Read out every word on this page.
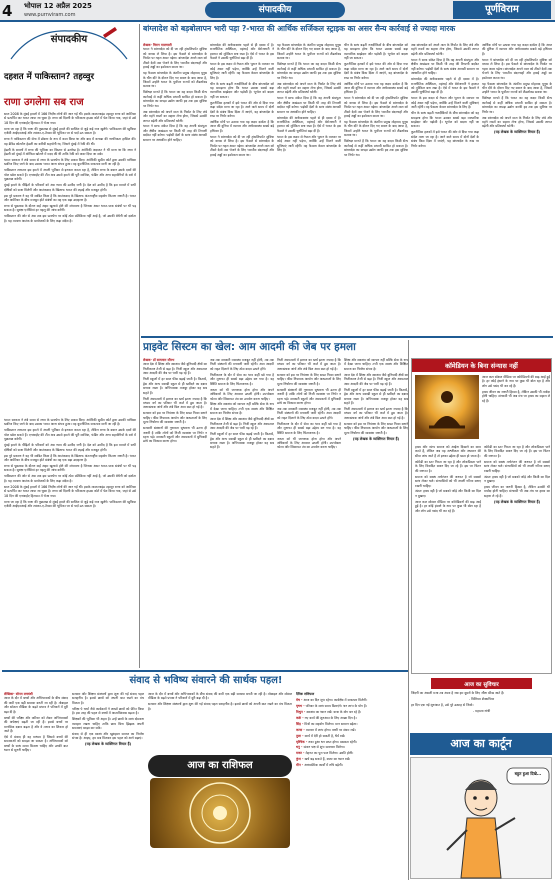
4 भोपाल 12 अप्रैल 2025
www.purnviram.com	संपादकीय	पूर्णविराम
संपादकीय
दहशत में पाकिस्तान? तहव्वुर
राणा उगलेगा सब राज

साल 2008 के मुंबई हमलों में 166 निर्दोष लोगों की जान गई थी। इसके मास्टरमाइंड तहव्वुर राणा को अमेरिका से प्रत्यर्पित कर भारत लाया जा चुका है। राणा को दिल्ली के पटियाला हाउस कोर्ट में पेश किया गया, जहां से उसे 18 दिन की एनआईए हिरासत में भेजा गया।

माना जा रहा है कि राणा की पूछताछ से मुंबई हमले की साजिश से जुड़े कई राज खुलेंगे। पाकिस्तान की खुफिया एजेंसी आईएसआई और लश्कर-ए-तैयबा की भूमिका पर से पर्दा उठ सकता है।

राणा ने पाकिस्तान की सेना में डॉक्टर के रूप में काम किया था और बाद में कनाडा की नागरिकता हासिल की। वह डेविड कोलमैन हेडली का करीबी सहयोगी था, जिसने मुंबई में रेकी की थी।

हेडली के बयानों में राणा की भूमिका का विस्तार से उल्लेख है। अमेरिकी अदालत ने भी माना था कि राणा ने हेडली को मुंबई में ऑफिस खोलने में मदद की थी ताकि रेकी को कवर दिया जा सके।

भारत सरकार ने लंबे समय से राणा के प्रत्यर्पण के लिए प्रयास किए। अमेरिकी सुप्रीम कोर्ट द्वारा उसकी याचिका खारिज किए जाने के बाद उसका भारत आना संभव हुआ। यह कूटनीतिक सफलता मानी जा रही है।

पाकिस्तान लगातार इस हमले में अपनी भूमिका से इनकार करता रहा है, लेकिन राणा के बयान उसके दावों की पोल खोल सकते हैं। एनआईए की टीम अब उससे हमले की पूरी साजिश, फंडिंग और अन्य सहयोगियों के बारे में पूछताछ करेगी।

मुंबई हमले के पीड़ितों के परिवारों को अब न्याय की उम्मीद जगी है। देश को उम्मीद है कि इस मामले में सभी दोषियों को सजा मिलेगी और आतंकवाद के खिलाफ भारत की लड़ाई और मजबूत होगी।

इस पूरे प्रकरण ने यह भी साबित किया है कि आतंकवाद के खिलाफ अंतरराष्ट्रीय सहयोग कितना जरूरी है। भारत और अमेरिका के बीच मजबूत होते संबंधों का यह एक बड़ा उदाहरण है।

राणा से पूछताछ के दौरान कई अहम खुलासे होने की संभावना है जिनका असर भारत-पाक संबंधों पर भी पड़ सकता है। सुरक्षा एजेंसियां हर पहलू की जांच करेंगी।

पाकिस्तान की ओर से अब तक इस प्रत्यर्पण पर कोई ठोस प्रतिक्रिया नहीं आई है, जो उसकी बेचैनी को दर्शाता है। यह मामला आतंक के प्रायोजकों के लिए कड़ा संदेश है।

भारत सरकार ने लंबे समय से राणा के प्रत्यर्पण के लिए प्रयास किए। अमेरिकी सुप्रीम कोर्ट द्वारा उसकी याचिका खारिज किए जाने के बाद उसका भारत आना संभव हुआ। यह कूटनीतिक सफलता मानी जा रही है।

पाकिस्तान लगातार इस हमले में अपनी भूमिका से इनकार करता रहा है, लेकिन राणा के बयान उसके दावों की पोल खोल सकते हैं। एनआईए की टीम अब उससे हमले की पूरी साजिश, फंडिंग और अन्य सहयोगियों के बारे में पूछताछ करेगी।

मुंबई हमले के पीड़ितों के परिवारों को अब न्याय की उम्मीद जगी है। देश को उम्मीद है कि इस मामले में सभी दोषियों को सजा मिलेगी और आतंकवाद के खिलाफ भारत की लड़ाई और मजबूत होगी।

इस पूरे प्रकरण ने यह भी साबित किया है कि आतंकवाद के खिलाफ अंतरराष्ट्रीय सहयोग कितना जरूरी है। भारत और अमेरिका के बीच मजबूत होते संबंधों का यह एक बड़ा उदाहरण है।

राणा से पूछताछ के दौरान कई अहम खुलासे होने की संभावना है जिनका असर भारत-पाक संबंधों पर भी पड़ सकता है। सुरक्षा एजेंसियां हर पहलू की जांच करेंगी।

पाकिस्तान की ओर से अब तक इस प्रत्यर्पण पर कोई ठोस प्रतिक्रिया नहीं आई है, जो उसकी बेचैनी को दर्शाता है। यह मामला आतंक के प्रायोजकों के लिए कड़ा संदेश है।

साल 2008 के मुंबई हमलों में 166 निर्दोष लोगों की जान गई थी। इसके मास्टरमाइंड तहव्वुर राणा को अमेरिका से प्रत्यर्पित कर भारत लाया जा चुका है। राणा को दिल्ली के पटियाला हाउस कोर्ट में पेश किया गया, जहां से उसे 18 दिन की एनआईए हिरासत में भेजा गया।

माना जा रहा है कि राणा की पूछताछ से मुंबई हमले की साजिश से जुड़े कई राज खुलेंगे। पाकिस्तान की खुफिया एजेंसी आईएसआई और लश्कर-ए-तैयबा की भूमिका पर से पर्दा उठ सकता है।

बांग्लादेश को बड़बोलापन भारी पड़ा ?-भारत की आर्थिक सर्जिकल स्ट्राइक का असर सैन्य कार्रवाई से ज्यादा मारक
लेखक- विराग मालवाली

भारत ने बांग्लादेश को दी जा रही ट्रांसशिपमेंट सुविधा को वापस ले लिया है। इस फैसले से बांग्लादेश के निर्यात पर गहरा असर पड़ेगा। बांग्लादेश अपने माल को तीसरे देशों तक भेजने के लिए भारतीय बंदरगाहों और हवाई अड्डों का इस्तेमाल करता था।

यह फैसला बांग्लादेश के अंतरिम प्रमुख मोहम्मद यूनुस के चीन दौरे के दौरान दिए गए बयान के बाद आया है, जिसमें उन्होंने भारत के पूर्वोत्तर राज्यों को लैंडलॉक्ड बताया था।

विशेषज्ञ मानते हैं कि भारत का यह कदम किसी सैन्य कार्रवाई से कहीं अधिक प्रभावी साबित हो सकता है। बांग्लादेश का कपड़ा उद्योग काफी हद तक इस सुविधा पर निर्भर था।

अब बांग्लादेश को अपने माल के निर्यात के लिए लंबे और महंगे रास्तों का सहारा लेना होगा, जिससे उसकी लागत बढ़ेगी और प्रतिस्पर्धा घटेगी।

भारत ने साफ संकेत दिया है कि वह अपनी संप्रभुता और क्षेत्रीय अखंडता पर किसी भी तरह की टिप्पणी बर्दाश्त नहीं करेगा। पड़ोसी देशों के साथ संबंध आपसी सम्मान पर आधारित होने चाहिए।

बांग्लादेश की अर्थव्यवस्था पहले से ही दबाव में है। राजनीतिक अस्थिरता, महंगाई और बेरोजगारी ने हालात को मुश्किल बना रखा है। ऐसे में भारत के इस फैसले ने उसकी चुनौतियां बढ़ा दी हैं।

भारत के इस कदम से नेपाल और भूटान के व्यापार पर कोई असर नहीं पड़ेगा, क्योंकि उन्हें मिलने वाली सुविधाएं जारी रहेंगी। यह फैसला केवल बांग्लादेश के लिए है।

चीन के साथ बढ़ती नजदीकियों के बीच बांग्लादेश को यह समझना होगा कि भारत उसका सबसे बड़ा व्यापारिक साझेदार और पड़ोसी है। भूगोल को बदला नहीं जा सकता।

कूटनीतिक हलकों में इसे भारत की ओर से दिया गया कड़ा संदेश माना जा रहा है। आने वाले समय में दोनों देशों के संबंध किस दिशा में जाएंगे, यह बांग्लादेश के रुख पर निर्भर करेगा।

आर्थिक मोर्चे पर उठाया गया यह कदम दर्शाता है कि आज की दुनिया में व्यापार और अर्थव्यवस्था सबसे बड़े हथियार हैं।

भारत ने बांग्लादेश को दी जा रही ट्रांसशिपमेंट सुविधा को वापस ले लिया है। इस फैसले से बांग्लादेश के निर्यात पर गहरा असर पड़ेगा। बांग्लादेश अपने माल को तीसरे देशों तक भेजने के लिए भारतीय बंदरगाहों और हवाई अड्डों का इस्तेमाल करता था।

यह फैसला बांग्लादेश के अंतरिम प्रमुख मोहम्मद यूनुस के चीन दौरे के दौरान दिए गए बयान के बाद आया है, जिसमें उन्होंने भारत के पूर्वोत्तर राज्यों को लैंडलॉक्ड बताया था।

विशेषज्ञ मानते हैं कि भारत का यह कदम किसी सैन्य कार्रवाई से कहीं अधिक प्रभावी साबित हो सकता है। बांग्लादेश का कपड़ा उद्योग काफी हद तक इस सुविधा पर निर्भर था।

अब बांग्लादेश को अपने माल के निर्यात के लिए लंबे और महंगे रास्तों का सहारा लेना होगा, जिससे उसकी लागत बढ़ेगी और प्रतिस्पर्धा घटेगी।

भारत ने साफ संकेत दिया है कि वह अपनी संप्रभुता और क्षेत्रीय अखंडता पर किसी भी तरह की टिप्पणी बर्दाश्त नहीं करेगा। पड़ोसी देशों के साथ संबंध आपसी सम्मान पर आधारित होने चाहिए।

बांग्लादेश की अर्थव्यवस्था पहले से ही दबाव में है। राजनीतिक अस्थिरता, महंगाई और बेरोजगारी ने हालात को मुश्किल बना रखा है। ऐसे में भारत के इस फैसले ने उसकी चुनौतियां बढ़ा दी हैं।

भारत के इस कदम से नेपाल और भूटान के व्यापार पर कोई असर नहीं पड़ेगा, क्योंकि उन्हें मिलने वाली सुविधाएं जारी रहेंगी। यह फैसला केवल बांग्लादेश के लिए है।

चीन के साथ बढ़ती नजदीकियों के बीच बांग्लादेश को यह समझना होगा कि भारत उसका सबसे बड़ा व्यापारिक साझेदार और पड़ोसी है। भूगोल को बदला नहीं जा सकता।

कूटनीतिक हलकों में इसे भारत की ओर से दिया गया कड़ा संदेश माना जा रहा है। आने वाले समय में दोनों देशों के संबंध किस दिशा में जाएंगे, यह बांग्लादेश के रुख पर निर्भर करेगा।

आर्थिक मोर्चे पर उठाया गया यह कदम दर्शाता है कि आज की दुनिया में व्यापार और अर्थव्यवस्था सबसे बड़े हथियार हैं।

भारत ने बांग्लादेश को दी जा रही ट्रांसशिपमेंट सुविधा को वापस ले लिया है। इस फैसले से बांग्लादेश के निर्यात पर गहरा असर पड़ेगा। बांग्लादेश अपने माल को तीसरे देशों तक भेजने के लिए भारतीय बंदरगाहों और हवाई अड्डों का इस्तेमाल करता था।

यह फैसला बांग्लादेश के अंतरिम प्रमुख मोहम्मद यूनुस के चीन दौरे के दौरान दिए गए बयान के बाद आया है, जिसमें उन्होंने भारत के पूर्वोत्तर राज्यों को लैंडलॉक्ड बताया था।

विशेषज्ञ मानते हैं कि भारत का यह कदम किसी सैन्य कार्रवाई से कहीं अधिक प्रभावी साबित हो सकता है। बांग्लादेश का कपड़ा उद्योग काफी हद तक इस सुविधा पर निर्भर था।

अब बांग्लादेश को अपने माल के निर्यात के लिए लंबे और महंगे रास्तों का सहारा लेना होगा, जिससे उसकी लागत बढ़ेगी और प्रतिस्पर्धा घटेगी।

भारत ने साफ संकेत दिया है कि वह अपनी संप्रभुता और क्षेत्रीय अखंडता पर किसी भी तरह की टिप्पणी बर्दाश्त नहीं करेगा। पड़ोसी देशों के साथ संबंध आपसी सम्मान पर आधारित होने चाहिए।

बांग्लादेश की अर्थव्यवस्था पहले से ही दबाव में है। राजनीतिक अस्थिरता, महंगाई और बेरोजगारी ने हालात को मुश्किल बना रखा है। ऐसे में भारत के इस फैसले ने उसकी चुनौतियां बढ़ा दी हैं।

भारत के इस कदम से नेपाल और भूटान के व्यापार पर कोई असर नहीं पड़ेगा, क्योंकि उन्हें मिलने वाली सुविधाएं जारी रहेंगी। यह फैसला केवल बांग्लादेश के लिए है।

चीन के साथ बढ़ती नजदीकियों के बीच बांग्लादेश को यह समझना होगा कि भारत उसका सबसे बड़ा व्यापारिक साझेदार और पड़ोसी है। भूगोल को बदला नहीं जा सकता।

कूटनीतिक हलकों में इसे भारत की ओर से दिया गया कड़ा संदेश माना जा रहा है। आने वाले समय में दोनों देशों के संबंध किस दिशा में जाएंगे, यह बांग्लादेश के रुख पर निर्भर करेगा।

आर्थिक मोर्चे पर उठाया गया यह कदम दर्शाता है कि आज की दुनिया में व्यापार और अर्थव्यवस्था सबसे बड़े हथियार हैं।

भारत ने बांग्लादेश को दी जा रही ट्रांसशिपमेंट सुविधा को वापस ले लिया है। इस फैसले से बांग्लादेश के निर्यात पर गहरा असर पड़ेगा। बांग्लादेश अपने माल को तीसरे देशों तक भेजने के लिए भारतीय बंदरगाहों और हवाई अड्डों का इस्तेमाल करता था।

यह फैसला बांग्लादेश के अंतरिम प्रमुख मोहम्मद यूनुस के चीन दौरे के दौरान दिए गए बयान के बाद आया है, जिसमें उन्होंने भारत के पूर्वोत्तर राज्यों को लैंडलॉक्ड बताया था।

विशेषज्ञ मानते हैं कि भारत का यह कदम किसी सैन्य कार्रवाई से कहीं अधिक प्रभावी साबित हो सकता है। बांग्लादेश का कपड़ा उद्योग काफी हद तक इस सुविधा पर निर्भर था।

अब बांग्लादेश को अपने माल के निर्यात के लिए लंबे और महंगे रास्तों का सहारा लेना होगा, जिससे उसकी लागत बढ़ेगी और प्रतिस्पर्धा घटेगी।

(यह लेखक के व्यक्तिगत विचार हैं)

प्राइवेट सिस्टम का खेल: आम आदमी की जेब पर हमला
लेखक- डॉ सत्यवान सौरभ

आज देश में शिक्षा और स्वास्थ्य जैसे बुनियादी क्षेत्रों का निजीकरण तेजी से बढ़ा है। निजी स्कूल और अस्पताल आम आदमी की जेब पर भारी पड़ रहे हैं।

निजी स्कूलों में हर साल फीस बढ़ाई जाती है। किताबें, ड्रेस और अन्य सामग्री स्कूल से ही खरीदने का दबाव बनाया जाता है। अभिभावक मजबूर होकर यह सब सहते हैं।

निजी अस्पतालों में इलाज का खर्च इतना ज्यादा है कि मध्यम वर्ग का परिवार भी कर्ज में डूब जाता है। अनावश्यक जांचें और लंबे बिल आम बात हो गई है।

सरकार को इस पर नियंत्रण के लिए सख्त नियम बनाने चाहिए। फीस नियामक आयोग और अस्पतालों के लिए मूल्य निर्धारण की व्यवस्था जरूरी है।

सरकारी संस्थानों की गुणवत्ता सुधारना भी उतना ही जरूरी है ताकि लोगों को निजी व्यवस्था पर निर्भर न रहना पड़े। सरकारी स्कूलों और अस्पतालों में बुनियादी ढांचे का विकास करना होगा।

जब तक सरकारी व्यवस्था मजबूत नहीं होगी, तब तक निजी संस्थानों की मनमानी जारी रहेगी। आम आदमी को राहत दिलाने के लिए ठोस कदम उठाने होंगे।

निजीकरण के दौर में सेवा का भाव कहीं खो गया है और मुनाफा ही सबसे बड़ा उद्देश्य बन गया है। यह स्थिति समाज के लिए चिंताजनक है।

जनता को भी जागरूक होना होगा और अपने अधिकारों के लिए आवाज उठानी होगी। उपभोक्ता फोरम और शिकायत तंत्र का उपयोग करना चाहिए।

शिक्षा और स्वास्थ्य को व्यापार नहीं बल्कि सेवा के रूप में देखा जाना चाहिए। तभी एक स्वस्थ और शिक्षित समाज का निर्माण संभव है।

आज देश में शिक्षा और स्वास्थ्य जैसे बुनियादी क्षेत्रों का निजीकरण तेजी से बढ़ा है। निजी स्कूल और अस्पताल आम आदमी की जेब पर भारी पड़ रहे हैं।

निजी स्कूलों में हर साल फीस बढ़ाई जाती है। किताबें, ड्रेस और अन्य सामग्री स्कूल से ही खरीदने का दबाव बनाया जाता है। अभिभावक मजबूर होकर यह सब सहते हैं।

निजी अस्पतालों में इलाज का खर्च इतना ज्यादा है कि मध्यम वर्ग का परिवार भी कर्ज में डूब जाता है। अनावश्यक जांचें और लंबे बिल आम बात हो गई है।

सरकार को इस पर नियंत्रण के लिए सख्त नियम बनाने चाहिए। फीस नियामक आयोग और अस्पतालों के लिए मूल्य निर्धारण की व्यवस्था जरूरी है।

सरकारी संस्थानों की गुणवत्ता सुधारना भी उतना ही जरूरी है ताकि लोगों को निजी व्यवस्था पर निर्भर न रहना पड़े। सरकारी स्कूलों और अस्पतालों में बुनियादी ढांचे का विकास करना होगा।

जब तक सरकारी व्यवस्था मजबूत नहीं होगी, तब तक निजी संस्थानों की मनमानी जारी रहेगी। आम आदमी को राहत दिलाने के लिए ठोस कदम उठाने होंगे।

निजीकरण के दौर में सेवा का भाव कहीं खो गया है और मुनाफा ही सबसे बड़ा उद्देश्य बन गया है। यह स्थिति समाज के लिए चिंताजनक है।

जनता को भी जागरूक होना होगा और अपने अधिकारों के लिए आवाज उठानी होगी। उपभोक्ता फोरम और शिकायत तंत्र का उपयोग करना चाहिए।

शिक्षा और स्वास्थ्य को व्यापार नहीं बल्कि सेवा के रूप में देखा जाना चाहिए। तभी एक स्वस्थ और शिक्षित समाज का निर्माण संभव है।

आज देश में शिक्षा और स्वास्थ्य जैसे बुनियादी क्षेत्रों का निजीकरण तेजी से बढ़ा है। निजी स्कूल और अस्पताल आम आदमी की जेब पर भारी पड़ रहे हैं।

निजी स्कूलों में हर साल फीस बढ़ाई जाती है। किताबें, ड्रेस और अन्य सामग्री स्कूल से ही खरीदने का दबाव बनाया जाता है। अभिभावक मजबूर होकर यह सब सहते हैं।

निजी अस्पतालों में इलाज का खर्च इतना ज्यादा है कि मध्यम वर्ग का परिवार भी कर्ज में डूब जाता है। अनावश्यक जांचें और लंबे बिल आम बात हो गई है।

सरकार को इस पर नियंत्रण के लिए सख्त नियम बनाने चाहिए। फीस नियामक आयोग और अस्पतालों के लिए मूल्य निर्धारण की व्यवस्था जरूरी है।

(यह लेखक के व्यक्तिगत विचार हैं)

कॉमेडियन के बिना संन्यास नहीं

आज कल सोशल मीडिया पर कॉमेडियनों की बाढ़ आई हुई है। हर कोई हंसाने के नाम पर कुछ भी बोल रहा है और लोग उसे पसंद भी कर रहे हैं।

हास्य जीवन का जरूरी हिस्सा है, लेकिन उसकी भी मर्यादा होनी चाहिए। संन्यासी भी अब मंच पर हास्य का सहारा ले रहे हैं।

हास्य और व्यंग्य समाज को आईना दिखाने का काम करते हैं, लेकिन जब यह अश्लीलता और अपमान की सीमा लांघ जाते हैं तो इनका उद्देश्य ही खत्म हो जाता है।

कॉमेडी का स्तर गिरता जा रहा है और लोकप्रियता पाने के लिए विवादित बयान दिए जा रहे हैं। इस पर चिंतन की जरूरत है।

समाज को स्वस्थ मनोरंजन की जरूरत है जो सबको साथ लेकर चले। संन्यासियों को भी अपनी गरिमा बनाए रखनी चाहिए।

अंततः हास्य वही है जो सबको जोड़े और किसी का दिल न दुखाए।

आज कल सोशल मीडिया पर कॉमेडियनों की बाढ़ आई हुई है। हर कोई हंसाने के नाम पर कुछ भी बोल रहा है और लोग उसे पसंद भी कर रहे हैं।

कॉमेडी का स्तर गिरता जा रहा है और लोकप्रियता पाने के लिए विवादित बयान दिए जा रहे हैं। इस पर चिंतन की जरूरत है।

समाज को स्वस्थ मनोरंजन की जरूरत है जो सबको साथ लेकर चले। संन्यासियों को भी अपनी गरिमा बनाए रखनी चाहिए।

अंततः हास्य वही है जो सबको जोड़े और किसी का दिल न दुखाए।

हास्य जीवन का जरूरी हिस्सा है, लेकिन उसकी भी मर्यादा होनी चाहिए। संन्यासी भी अब मंच पर हास्य का सहारा ले रहे हैं।

(यह लेखक के व्यक्तिगत विचार हैं)

आज का सुविचार

जिंदगी का असली मजा तब आता है जब हम दूसरों के लिए जीना सीख जाते हैं।

- विलियम शेक्सपियर

हर दिन एक नई शुरुआत है, उसे पूरे उत्साह से जियो।

- महात्मा गांधी

संवाद से भविष्य संवारने की सार्थक पहल!
लेखिका- सोनम लववंशी

आज के दौर में बच्चों और अभिभावकों के बीच संवाद की कमी एक बड़ी समस्या बनती जा रही है। मोबाइल और सोशल मीडिया के बढ़ते प्रभाव ने परिवारों में दूरी बढ़ा दी है।

बच्चों की परीक्षा और करियर को लेकर अभिभावकों की अपेक्षाएं बढ़ती जा रही हैं। इससे बच्चों पर मानसिक दबाव बढ़ता है और वे तनाव का शिकार हो जाते हैं।

ऐसे में संवाद ही वह माध्यम है जिससे बच्चों की समस्याओं को समझा जा सकता है। अभिभावकों को बच्चों के साथ समय बिताना चाहिए और उनकी बात ध्यान से सुननी चाहिए।

सरकार और शिक्षण संस्थानों द्वारा शुरू की गई संवाद पहल सराहनीय है। इससे छात्रों को अपनी बात रखने का मंच मिलता है।

परीक्षा पे चर्चा जैसे कार्यक्रमों ने लाखों छात्रों को प्रेरित किया है। इस तरह की पहल से बच्चों में आत्मविश्वास बढ़ता है।

शिक्षकों की भूमिका भी अहम है। उन्हें छात्रों के साथ दोस्ताना व्यवहार रखना चाहिए ताकि छात्र बिना झिझक अपनी समस्याएं साझा कर सकें।

संवाद से ही एक स्वस्थ और खुशहाल समाज का निर्माण संभव है। आइए, हम सब मिलकर इस पहल को आगे बढ़ाएं।

(यह लेखक के व्यक्तिगत विचार हैं)

आज के दौर में बच्चों और अभिभावकों के बीच संवाद की कमी एक बड़ी समस्या बनती जा रही है। मोबाइल और सोशल मीडिया के बढ़ते प्रभाव ने परिवारों में दूरी बढ़ा दी है।

सरकार और शिक्षण संस्थानों द्वारा शुरू की गई संवाद पहल सराहनीय है। इससे छात्रों को अपनी बात रखने का मंच मिलता है।

आज का राशिफल

दैनिक राशिफल

मेष - आज का दिन शुभ रहेगा। कार्यक्षेत्र में सफलता मिलेगी।

वृषभ - परिवार के साथ समय बिताएंगे। धन लाभ के योग हैं।

मिथुन - स्वास्थ्य का ध्यान रखें। यात्रा के योग बन रहे हैं।

कर्क - नए कार्य की शुरुआत के लिए अच्छा दिन है।

सिंह - मित्रों का सहयोग मिलेगा। मान सम्मान बढ़ेगा।

कन्या - व्यापार में लाभ होगा। वाणी पर संयम रखें।

तुला - कार्य में देरी हो सकती है, धैर्य रखें।

वृश्चिक - रुका हुआ धन प्राप्त होगा। प्रसन्नता रहेगी।

धनु - संतान पक्ष से शुभ समाचार मिलेगा।

मकर - मेहनत का पूरा फल मिलेगा। उन्नति होगी।

कुंभ - खर्च बढ़ सकते हैं, बजट का ध्यान रखें।

मीन - आध्यात्मिक कार्यों में रुचि बढ़ेगी।

आज का कार्टून
बहुत हुआ दिखे...
